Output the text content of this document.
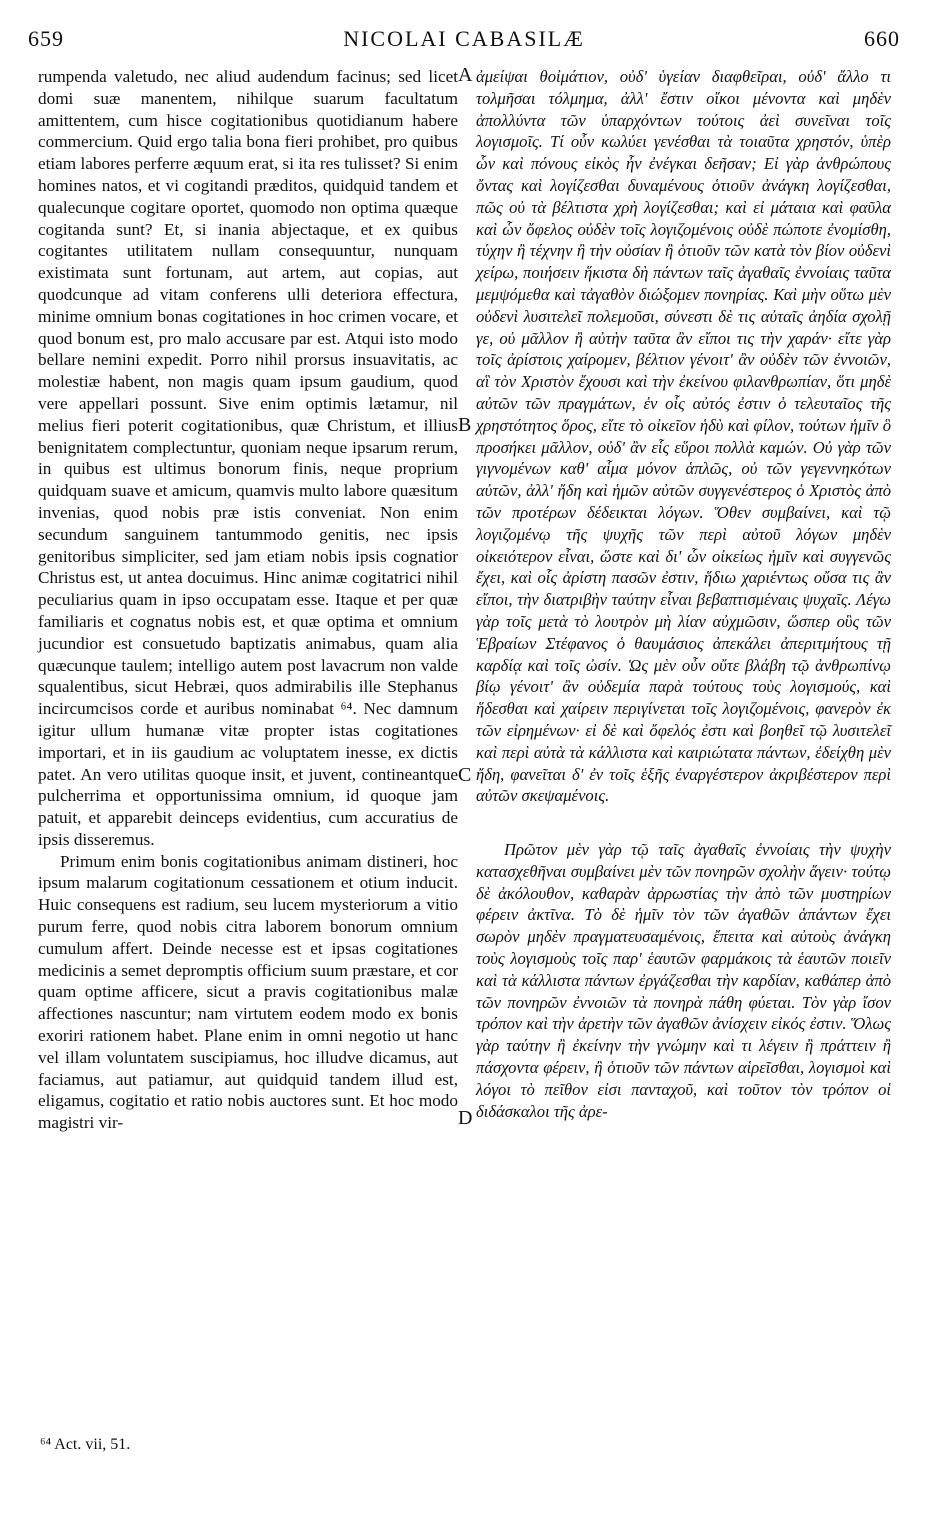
659	NICOLAI CABASILÆ	660

rumpenda valetudo, nec aliud audendum facinus; sed licet domi suæ manentem, nihilque suarum facultatum amittentem, cum hisce cogitationibus quotidianum habere commercium. Quid ergo talia bona fieri prohibet, pro quibus etiam labores perferre æquum erat, si ita res tulisset? Si enim homines natos, et vi cogitandi præditos, quidquid tandem et qualecunque cogitare oportet, quomodo non optima quæque cogitanda sunt? Et, si inania abjectaque, et ex quibus cogitantes utilitatem nullam consequuntur, nunquam existimata sunt fortunam, aut artem, aut copias, aut quodcunque ad vitam conferens ulli deteriora effectura, minime omnium bonas cogitationes in hoc crimen vocare, et quod bonum est, pro malo accusare par est. Atqui isto modo bellare nemini expedit. Porro nihil prorsus insuavitatis, ac molestiæ habent, non magis quam ipsum gaudium, quod vere appellari possunt. Sive enim optimis lætamur, nil melius fieri poterit cogitationibus, quæ Christum, et illius benignitatem complectuntur, quoniam neque ipsarum rerum, in quibus est ultimus bonorum finis, neque proprium quidquam suave et amicum, quamvis multo labore quæsitum invenias, quod nobis præ istis conveniat. Non enim secundum sanguinem tantummodo genitis, nec ipsis genitoribus simpliciter, sed jam etiam nobis ipsis cognatior Christus est, ut antea docuimus. Hinc animæ cogitatrici nihil peculiarius quam in ipso occupatam esse. Itaque et per quæ familiaris et cognatus nobis est, et quæ optima et omnium jucundior est consuetudo baptizatis animabus, quam alia quæcunque taulem; intelligo autem post lavacrum non valde squalentibus, sicut Hebræi, quos admirabilis ille Stephanus incircumcisos corde et auribus nominabat ⁶⁴. Nec damnum igitur ullum humanæ vitæ propter istas cogitationes importari, et in iis gaudium ac voluptatem inesse, ex dictis patet. An vero utilitas quoque insit, et juvent, contineantque pulcherrima et opportunissima omnium, id quoque jam patuit, et apparebit deinceps evidentius, cum accuratius de ipsis disseremus.

Primum enim bonis cogitationibus animam distineri, hoc ipsum malarum cogitationum cessationem et otium inducit. Huic consequens est radium, seu lucem mysteriorum a vitio purum ferre, quod nobis citra laborem bonorum omnium cumulum affert. Deinde necesse est et ipsas cogitationes medicinis a semet depromptis officium suum præstare, et cor quam optime afficere, sicut a pravis cogitationibus malæ affectiones nascuntur; nam virtutem eodem modo ex bonis exoriri rationem habet. Plane enim in omni negotio ut hanc vel illam voluntatem suscipiamus, hoc illudve dicamus, aut faciamus, aut patiamur, aut quidquid tandem illud est, eligamus, cogitatio et ratio nobis auctores sunt. Et hoc modo magistri vir-

ἀμείψαι θοἰμάτιον, οὐδ' ὑγείαν διαφθεῖραι, οὐδ' ἄλλο τι τολμῆσαι τόλμημα, ἀλλ' ἔστιν οἴκοι μένοντα καὶ μηδὲν ἀπολλύντα τῶν ὑπαρχόντων τούτοις ἀεὶ συνεῖναι τοῖς λογισμοῖς. Τί οὖν κωλύει γενέσθαι τὰ τοιαῦτα χρηστόν, ὑπὲρ ὧν καὶ πόνους εἰκὸς ἦν ἐνέγκαι δεῆσαν; Εἰ γὰρ ἀνθρώπους ὄντας καὶ λογίζεσθαι δυναμένους ὁτιοῦν ἀνάγκη λογίζεσθαι, πῶς οὐ τὰ βέλτιστα χρὴ λογίζεσθαι; καὶ εἰ μάταια καὶ φαῦλα καὶ ὧν ὄφελος οὐδὲν τοῖς λογιζομένοις οὐδὲ πώποτε ἐνομίσθη, τύχην ἢ τέχνην ἢ τὴν οὐσίαν ἢ ὁτιοῦν τῶν κατὰ τὸν βίον οὐδενὶ χείρω, ποιήσειν ἥκιστα δὴ πάντων ταῖς ἀγαθαῖς ἐννοίαις ταῦτα μεμψόμεθα καὶ τἀγαθὸν διώξομεν πονηρίας. Καὶ μὴν οὕτω μὲν οὐδενὶ λυσιτελεῖ πολεμοῦσι, σύνεστι δὲ τις αὐταῖς ἀηδία σχολῇ γε, οὐ μᾶλλον ἢ αὐτὴν ταῦτα ἂν εἴποι τις τὴν χαράν· εἴτε γὰρ τοῖς ἀρίστοις χαίρομεν, βέλτιον γένοιτ' ἂν οὐδὲν τῶν ἐννοιῶν, αἳ τὸν Χριστὸν ἔχουσι καὶ τὴν ἐκείνου φιλανθρωπίαν, ὅτι μηδὲ αὐτῶν τῶν πραγμάτων, ἐν οἷς αὐτός ἐστιν ὁ τελευταῖος τῆς χρηστότητος ὅρος, εἴτε τὸ οἰκεῖον ἡδὺ καὶ φίλον, τούτων ἡμῖν ὃ προσήκει μᾶλλον, οὐδ' ἂν εἷς εὕροι πολλὰ καμών. Οὐ γὰρ τῶν γιγνομένων καθ' αἷμα μόνον ἁπλῶς, οὐ τῶν γεγεννηκότων αὐτῶν, ἀλλ' ἤδη καὶ ἡμῶν αὐτῶν συγγενέστερος ὁ Χριστὸς ἀπὸ τῶν προτέρων δέδεικται λόγων. Ὅθεν συμβαίνει, καὶ τῷ λογιζομένῳ τῆς ψυχῆς τῶν περὶ αὐτοῦ λόγων μηδὲν οἰκειότερον εἶναι, ὥστε καὶ δι' ὧν οἰκείως ἡμῖν καὶ συγγενῶς ἔχει, καὶ οἷς ἀρίστη πασῶν ἐστιν, ἥδιω χαριέντως οὔσα τις ἂν εἴποι, τὴν διατριβὴν ταύτην εἶναι βεβαπτισμέναις ψυχαῖς. Λέγω γὰρ τοῖς μετὰ τὸ λουτρὸν μὴ λίαν αὐχμῶσιν, ὥσπερ οὓς τῶν Ἑβραίων Στέφανος ὁ θαυμάσιος ἀπεκάλει ἀπεριτμήτους τῇ καρδίᾳ καὶ τοῖς ὠσίν. Ὡς μὲν οὖν οὔτε βλάβη τῷ ἀνθρωπίνῳ βίῳ γένοιτ' ἂν οὐδεμία παρὰ τούτους τοὺς λογισμούς, καὶ ἥδεσθαι καὶ χαίρειν περιγίνεται τοῖς λογιζομένοις, φανερὸν ἐκ τῶν εἰρημένων· εἰ δὲ καὶ ὄφελός ἐστι καὶ βοηθεῖ τῷ λυσιτελεῖ καὶ περὶ αὐτὰ τὰ κάλλιστα καὶ καιριώτατα πάντων, ἐδείχθη μὲν ἤδη, φανεῖται δ' ἐν τοῖς ἑξῆς ἐναργέστερον ἀκριβέστερον περὶ αὐτῶν σκεψαμένοις.

Πρῶτον μὲν γὰρ τῷ ταῖς ἀγαθαῖς ἐννοίαις τὴν ψυχὴν κατασχεθῆναι συμβαίνει μὲν τῶν πονηρῶν σχολὴν ἄγειν· τούτῳ δὲ ἀκόλουθον, καθαρὰν ἀρρωστίας τὴν ἀπὸ τῶν μυστηρίων φέρειν ἀκτῖνα. Τὸ δὲ ἡμῖν τὸν τῶν ἀγαθῶν ἁπάντων ἔχει σωρὸν μηδὲν πραγματευσαμένοις, ἔπειτα καὶ αὐτοὺς ἀνάγκη τοὺς λογισμοὺς τοῖς παρ' ἑαυτῶν φαρμάκοις τὰ ἑαυτῶν ποιεῖν καὶ τὰ κάλλιστα πάντων ἐργάζεσθαι τὴν καρδίαν, καθάπερ ἀπὸ τῶν πονηρῶν ἐννοιῶν τὰ πονηρὰ πάθη φύεται. Τὸν γὰρ ἴσον τρόπον καὶ τὴν ἀρετὴν τῶν ἀγαθῶν ἀνίσχειν εἰκός ἐστιν. Ὅλως γὰρ ταύτην ἢ ἐκείνην τὴν γνώμην καὶ τι λέγειν ἢ πράττειν ἢ πάσχοντα φέρειν, ἢ ὁτιοῦν τῶν πάντων αἱρεῖσθαι, λογισμοὶ καὶ λόγοι τὸ πεῖθον εἰσι πανταχοῦ, καὶ τοῦτον τὸν τρόπον οἱ διδάσκαλοι τῆς ἀρε-

A
B
C
D
⁶⁴ Act. vii, 51.
